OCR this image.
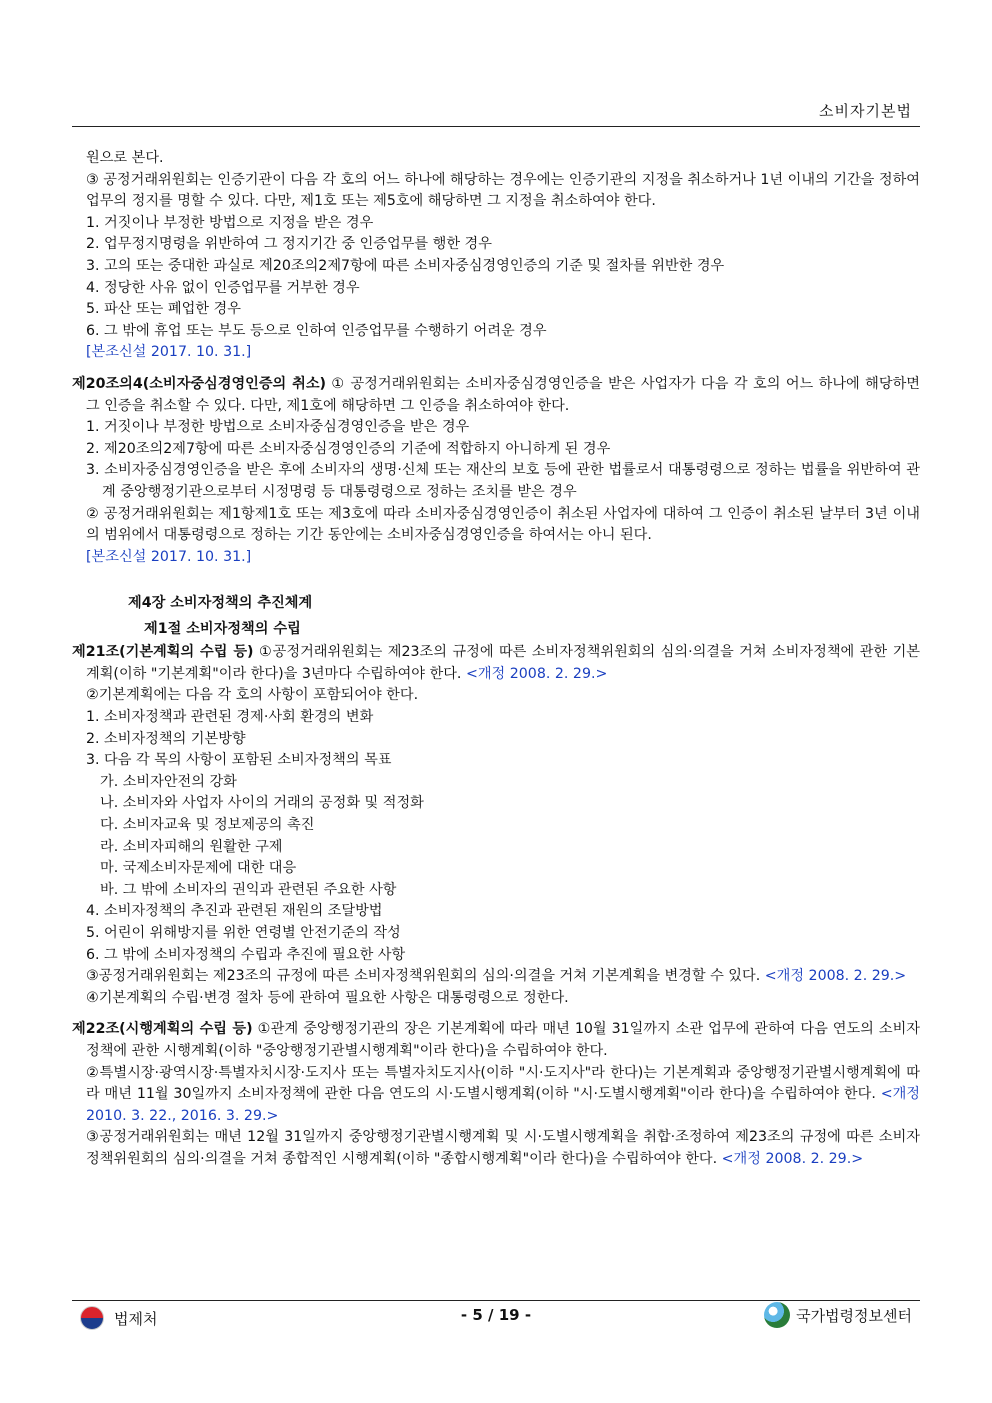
소비자기본법

원으로 본다.

③ 공정거래위원회는 인증기관이 다음 각 호의 어느 하나에 해당하는 경우에는 인증기관의 지정을 취소하거나 1년 이내의 기간을 정하여 업무의 정지를 명할 수 있다. 다만, 제1호 또는 제5호에 해당하면 그 지정을 취소하여야 한다.

1. 거짓이나 부정한 방법으로 지정을 받은 경우

2. 업무정지명령을 위반하여 그 정지기간 중 인증업무를 행한 경우

3. 고의 또는 중대한 과실로 제20조의2제7항에 따른 소비자중심경영인증의 기준 및 절차를 위반한 경우

4. 정당한 사유 없이 인증업무를 거부한 경우

5. 파산 또는 폐업한 경우

6. 그 밖에 휴업 또는 부도 등으로 인하여 인증업무를 수행하기 어려운 경우

[본조신설 2017. 10. 31.]

제20조의4(소비자중심경영인증의 취소) ① 공정거래위원회는 소비자중심경영인증을 받은 사업자가 다음 각 호의 어느 하나에 해당하면 그 인증을 취소할 수 있다. 다만, 제1호에 해당하면 그 인증을 취소하여야 한다.

1. 거짓이나 부정한 방법으로 소비자중심경영인증을 받은 경우

2. 제20조의2제7항에 따른 소비자중심경영인증의 기준에 적합하지 아니하게 된 경우

3. 소비자중심경영인증을 받은 후에 소비자의 생명·신체 또는 재산의 보호 등에 관한 법률로서 대통령령으로 정하는 법률을 위반하여 관계 중앙행정기관으로부터 시정명령 등 대통령령으로 정하는 조치를 받은 경우

② 공정거래위원회는 제1항제1호 또는 제3호에 따라 소비자중심경영인증이 취소된 사업자에 대하여 그 인증이 취소된 날부터 3년 이내의 범위에서 대통령령으로 정하는 기간 동안에는 소비자중심경영인증을 하여서는 아니 된다.

[본조신설 2017. 10. 31.]

제4장 소비자정책의 추진체계

제1절 소비자정책의 수립

제21조(기본계획의 수립 등) ①공정거래위원회는 제23조의 규정에 따른 소비자정책위원회의 심의·의결을 거쳐 소비자정책에 관한 기본계획(이하 "기본계획"이라 한다)을 3년마다 수립하여야 한다. <개정 2008. 2. 29.>

②기본계획에는 다음 각 호의 사항이 포함되어야 한다.

1. 소비자정책과 관련된 경제·사회 환경의 변화

2. 소비자정책의 기본방향

3. 다음 각 목의 사항이 포함된 소비자정책의 목표

가. 소비자안전의 강화

나. 소비자와 사업자 사이의 거래의 공정화 및 적정화

다. 소비자교육 및 정보제공의 촉진

라. 소비자피해의 원활한 구제

마. 국제소비자문제에 대한 대응

바. 그 밖에 소비자의 권익과 관련된 주요한 사항

4. 소비자정책의 추진과 관련된 재원의 조달방법

5. 어린이 위해방지를 위한 연령별 안전기준의 작성

6. 그 밖에 소비자정책의 수립과 추진에 필요한 사항

③공정거래위원회는 제23조의 규정에 따른 소비자정책위원회의 심의·의결을 거쳐 기본계획을 변경할 수 있다. <개정 2008. 2. 29.>

④기본계획의 수립·변경 절차 등에 관하여 필요한 사항은 대통령령으로 정한다.

제22조(시행계획의 수립 등) ①관계 중앙행정기관의 장은 기본계획에 따라 매년 10월 31일까지 소관 업무에 관하여 다음 연도의 소비자정책에 관한 시행계획(이하 "중앙행정기관별시행계획"이라 한다)을 수립하여야 한다.

②특별시장·광역시장·특별자치시장·도지사 또는 특별자치도지사(이하 "시·도지사"라 한다)는 기본계획과 중앙행정기관별시행계획에 따라 매년 11월 30일까지 소비자정책에 관한 다음 연도의 시·도별시행계획(이하 "시·도별시행계획"이라 한다)을 수립하여야 한다. <개정 2010. 3. 22., 2016. 3. 29.>

③공정거래위원회는 매년 12월 31일까지 중앙행정기관별시행계획 및 시·도별시행계획을 취합·조정하여 제23조의 규정에 따른 소비자정책위원회의 심의·의결을 거쳐 종합적인 시행계획(이하 "종합시행계획"이라 한다)을 수립하여야 한다. <개정 2008. 2. 29.>

법제처	- 5 / 19 -	국가법령정보센터
